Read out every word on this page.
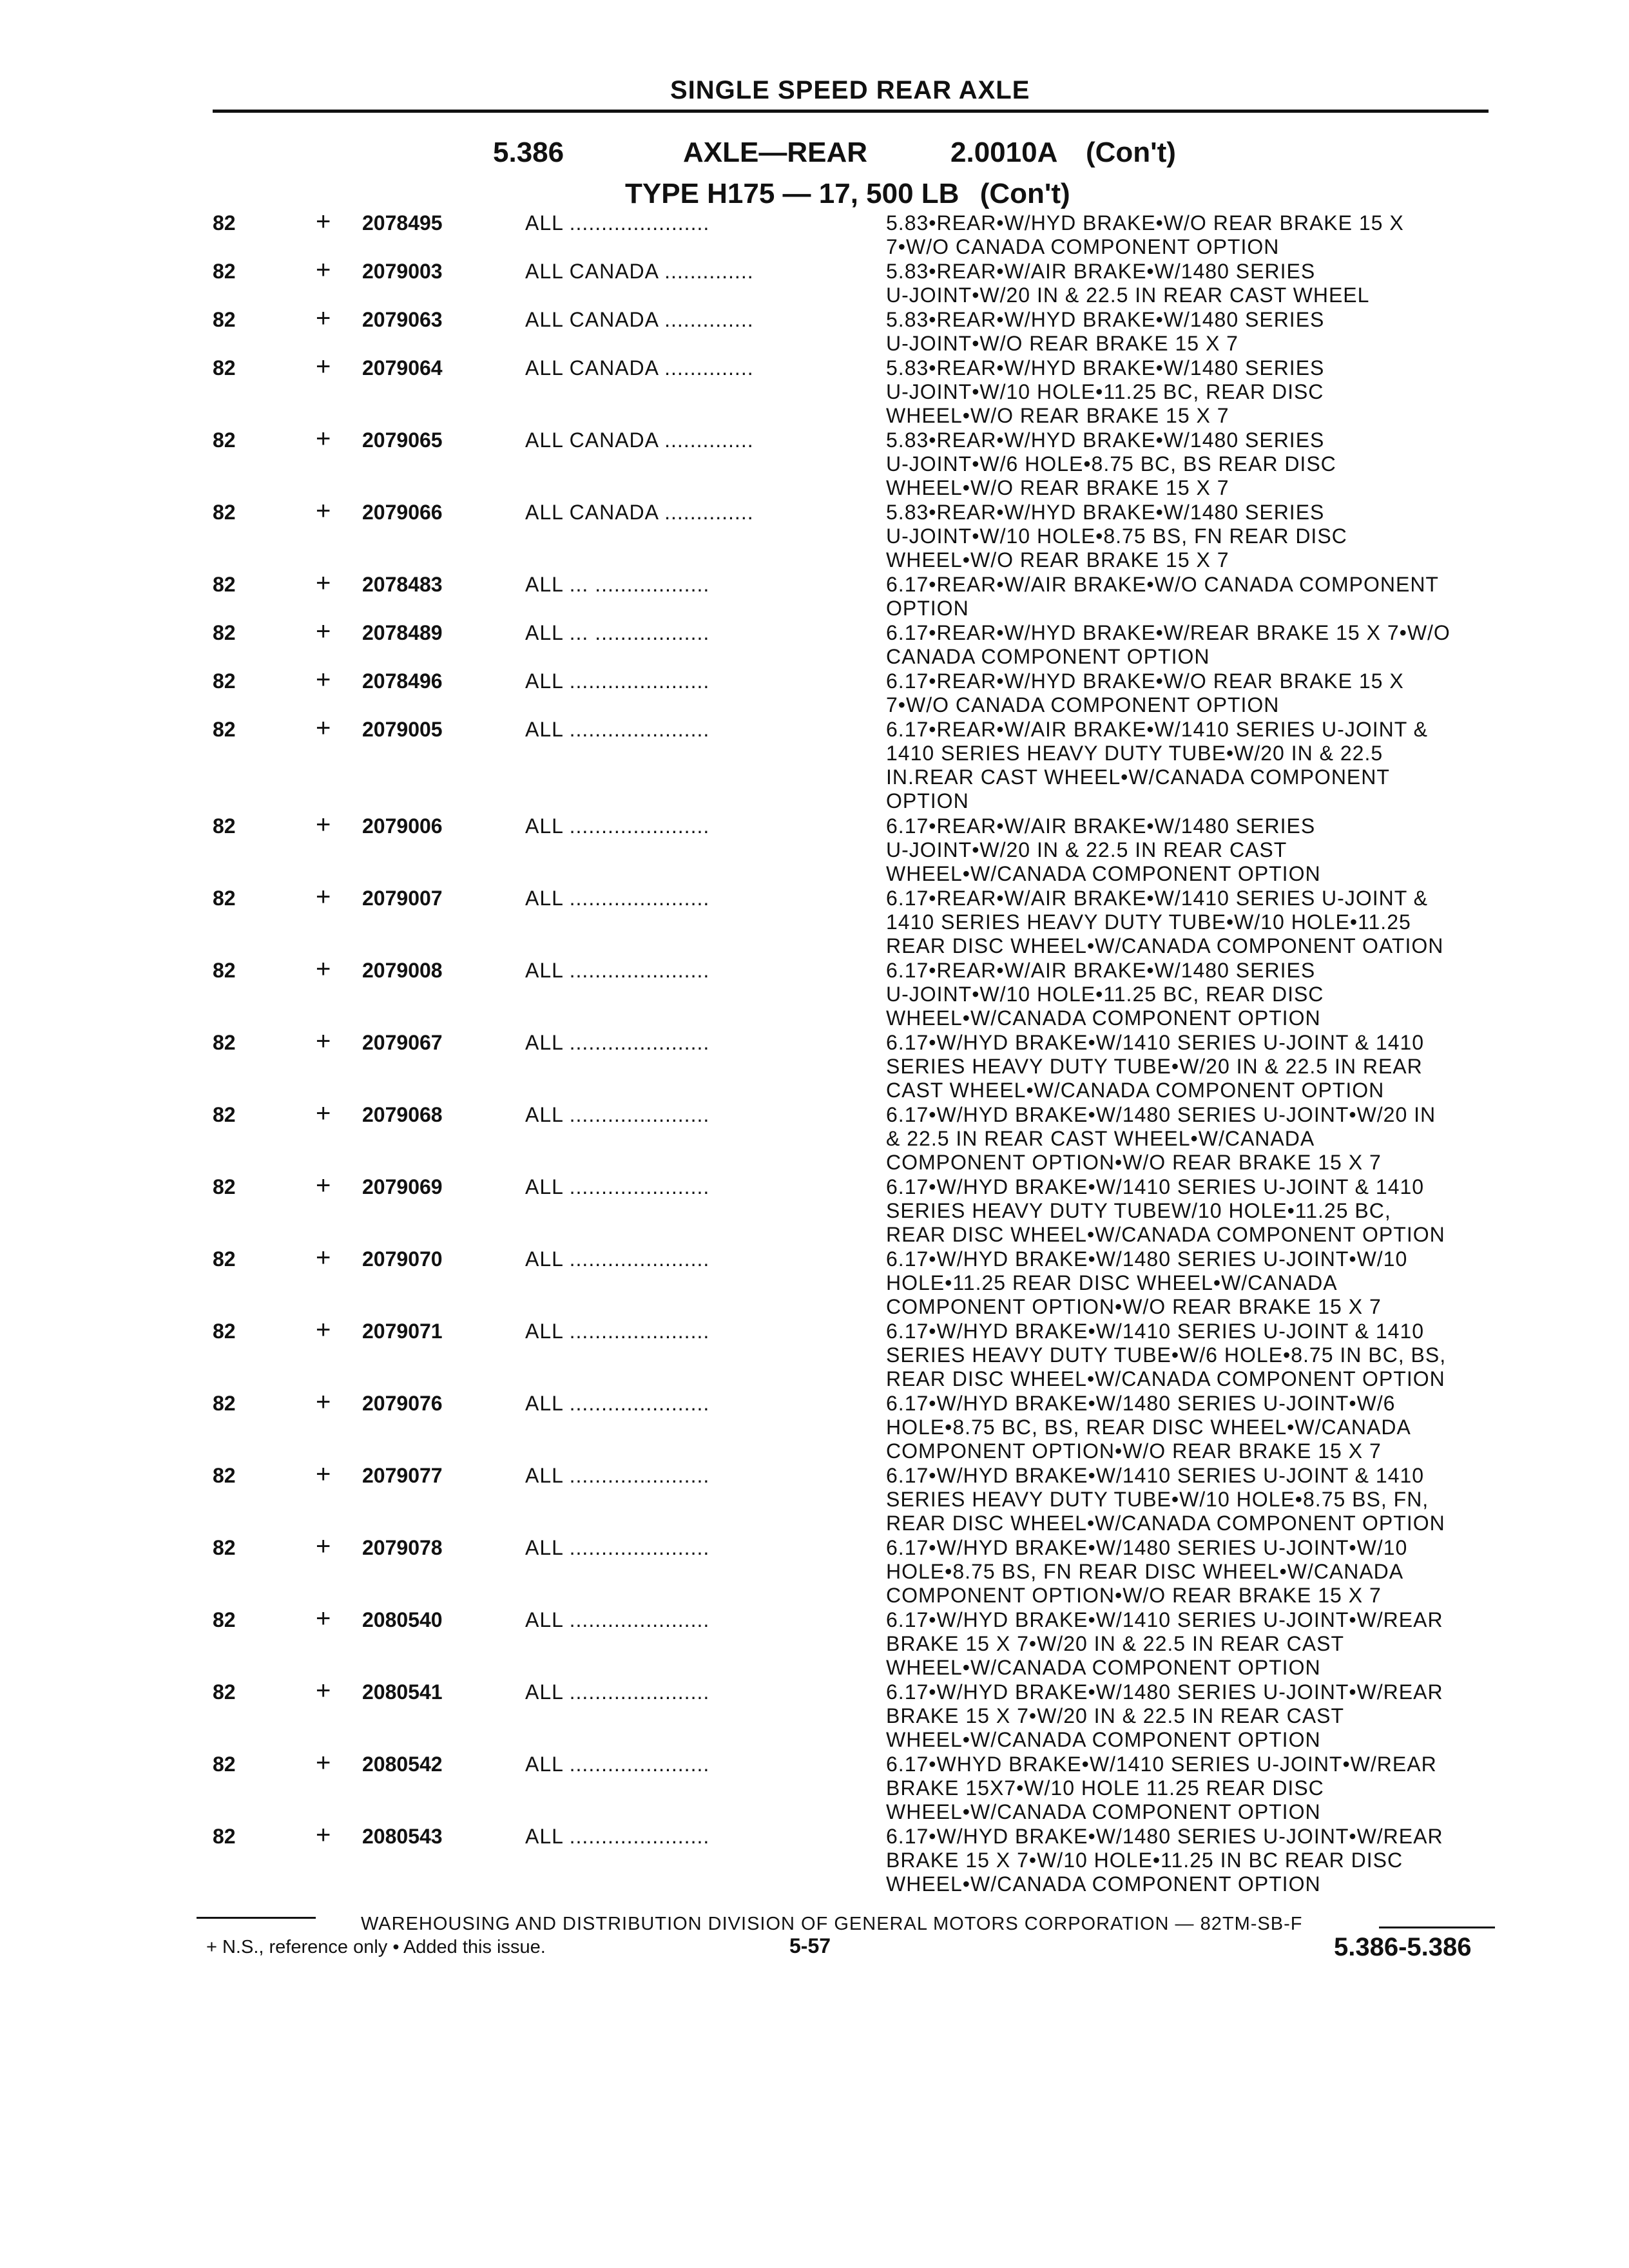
SINGLE SPEED REAR AXLE
5.386	AXLE—REAR	2.0010A (Con't)
TYPE H175 — 17, 500 LB (Con't)
82	+ 2078495	ALL ......................	5.83•REAR•W/HYD BRAKE•W/O REAR BRAKE 15 X
7•W/O CANADA COMPONENT OPTION
82	+ 2079003	ALL CANADA ..............	5.83•REAR•W/AIR BRAKE•W/1480 SERIES
U-JOINT•W/20 IN & 22.5 IN REAR CAST WHEEL
82	+ 2079063	ALL CANADA ..............	5.83•REAR•W/HYD BRAKE•W/1480 SERIES
U-JOINT•W/O REAR BRAKE 15 X 7
82	+ 2079064	ALL CANADA ..............	5.83•REAR•W/HYD BRAKE•W/1480 SERIES
U-JOINT•W/10 HOLE•11.25 BC, REAR DISC
WHEEL•W/O REAR BRAKE 15 X 7
82	+ 2079065	ALL CANADA ..............	5.83•REAR•W/HYD BRAKE•W/1480 SERIES
U-JOINT•W/6 HOLE•8.75 BC, BS REAR DISC
WHEEL•W/O REAR BRAKE 15 X 7
82	+ 2079066	ALL CANADA ..............	5.83•REAR•W/HYD BRAKE•W/1480 SERIES
U-JOINT•W/10 HOLE•8.75 BS, FN REAR DISC
WHEEL•W/O REAR BRAKE 15 X 7
82	+ 2078483	ALL ... ..................	6.17•REAR•W/AIR BRAKE•W/O CANADA COMPONENT
OPTION
82	+ 2078489	ALL ... ..................	6.17•REAR•W/HYD BRAKE•W/REAR BRAKE 15 X 7•W/O
CANADA COMPONENT OPTION
82	+ 2078496	ALL ......................	6.17•REAR•W/HYD BRAKE•W/O REAR BRAKE 15 X
7•W/O CANADA COMPONENT OPTION
82	+ 2079005	ALL ......................	6.17•REAR•W/AIR BRAKE•W/1410 SERIES U-JOINT &
1410 SERIES HEAVY DUTY TUBE•W/20 IN & 22.5
IN.REAR CAST WHEEL•W/CANADA COMPONENT
OPTION
82	+ 2079006	ALL ......................	6.17•REAR•W/AIR BRAKE•W/1480 SERIES
U-JOINT•W/20 IN & 22.5 IN REAR CAST
WHEEL•W/CANADA COMPONENT OPTION
82	+ 2079007	ALL ......................	6.17•REAR•W/AIR BRAKE•W/1410 SERIES U-JOINT &
1410 SERIES HEAVY DUTY TUBE•W/10 HOLE•11.25
REAR DISC WHEEL•W/CANADA COMPONENT OATION
82	+ 2079008	ALL ......................	6.17•REAR•W/AIR BRAKE•W/1480 SERIES
U-JOINT•W/10 HOLE•11.25 BC, REAR DISC
WHEEL•W/CANADA COMPONENT OPTION
82	+ 2079067	ALL ......................	6.17•W/HYD BRAKE•W/1410 SERIES U-JOINT & 1410
SERIES HEAVY DUTY TUBE•W/20 IN & 22.5 IN REAR
CAST WHEEL•W/CANADA COMPONENT OPTION
82	+ 2079068	ALL ......................	6.17•W/HYD BRAKE•W/1480 SERIES U-JOINT•W/20 IN
& 22.5 IN REAR CAST WHEEL•W/CANADA
COMPONENT OPTION•W/O REAR BRAKE 15 X 7
82	+ 2079069	ALL ......................	6.17•W/HYD BRAKE•W/1410 SERIES U-JOINT & 1410
SERIES HEAVY DUTY TUBEW/10 HOLE•11.25 BC,
REAR DISC WHEEL•W/CANADA COMPONENT OPTION
82	+ 2079070	ALL ......................	6.17•W/HYD BRAKE•W/1480 SERIES U-JOINT•W/10
HOLE•11.25 REAR DISC WHEEL•W/CANADA
COMPONENT OPTION•W/O REAR BRAKE 15 X 7
82	+ 2079071	ALL ......................	6.17•W/HYD BRAKE•W/1410 SERIES U-JOINT & 1410
SERIES HEAVY DUTY TUBE•W/6 HOLE•8.75 IN BC, BS,
REAR DISC WHEEL•W/CANADA COMPONENT OPTION
82	+ 2079076	ALL ......................	6.17•W/HYD BRAKE•W/1480 SERIES U-JOINT•W/6
HOLE•8.75 BC, BS, REAR DISC WHEEL•W/CANADA
COMPONENT OPTION•W/O REAR BRAKE 15 X 7
82	+ 2079077	ALL ......................	6.17•W/HYD BRAKE•W/1410 SERIES U-JOINT & 1410
SERIES HEAVY DUTY TUBE•W/10 HOLE•8.75 BS, FN,
REAR DISC WHEEL•W/CANADA COMPONENT OPTION
82	+ 2079078	ALL ......................	6.17•W/HYD BRAKE•W/1480 SERIES U-JOINT•W/10
HOLE•8.75 BS, FN REAR DISC WHEEL•W/CANADA
COMPONENT OPTION•W/O REAR BRAKE 15 X 7
82	+ 2080540	ALL ......................	6.17•W/HYD BRAKE•W/1410 SERIES U-JOINT•W/REAR
BRAKE 15 X 7•W/20 IN & 22.5 IN REAR CAST
WHEEL•W/CANADA COMPONENT OPTION
82	+ 2080541	ALL ......................	6.17•W/HYD BRAKE•W/1480 SERIES U-JOINT•W/REAR
BRAKE 15 X 7•W/20 IN & 22.5 IN REAR CAST
WHEEL•W/CANADA COMPONENT OPTION
82	+ 2080542	ALL ......................	6.17•WHYD BRAKE•W/1410 SERIES U-JOINT•W/REAR
BRAKE 15X7•W/10 HOLE 11.25 REAR DISC
WHEEL•W/CANADA COMPONENT OPTION
82	+ 2080543	ALL ......................	6.17•W/HYD BRAKE•W/1480 SERIES U-JOINT•W/REAR
BRAKE 15 X 7•W/10 HOLE•11.25 IN BC REAR DISC
WHEEL•W/CANADA COMPONENT OPTION
WAREHOUSING AND DISTRIBUTION DIVISION OF GENERAL MOTORS CORPORATION — 82TM-SB-F
+ N.S., reference only • Added this issue.	5-57	5.386-5.386
